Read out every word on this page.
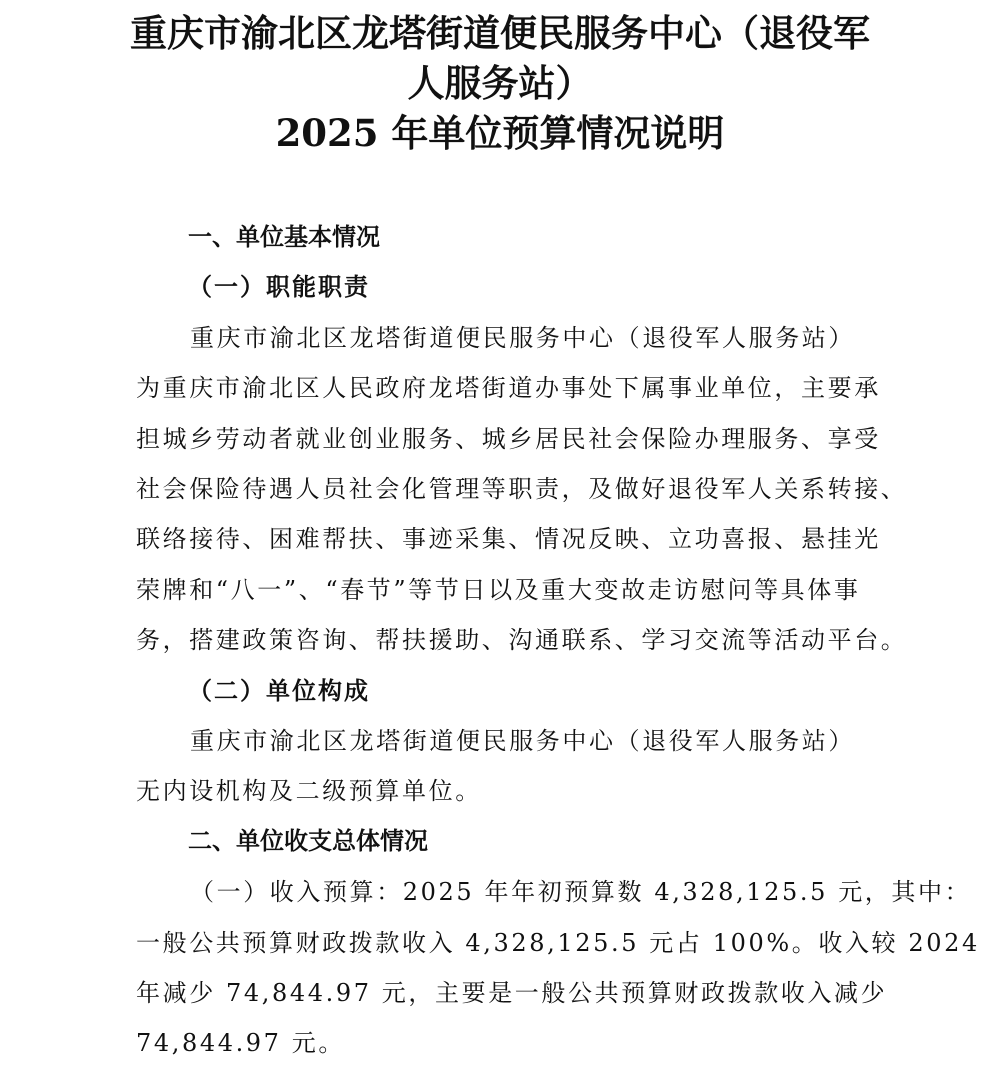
重庆市渝北区龙塔街道便民服务中心（退役军
人服务站）
2025 年单位预算情况说明
一、单位基本情况
（一）职能职责

重庆市渝北区龙塔街道便民服务中心（退役军人服务站）

为重庆市渝北区人民政府龙塔街道办事处下属事业单位，主要承

担城乡劳动者就业创业服务、城乡居民社会保险办理服务、享受

社会保险待遇人员社会化管理等职责，及做好退役军人关系转接、

联络接待、困难帮扶、事迹采集、情况反映、立功喜报、悬挂光

荣牌和“八一”、“春节”等节日以及重大变故走访慰问等具体事

务，搭建政策咨询、帮扶援助、沟通联系、学习交流等活动平台。

（二）单位构成

重庆市渝北区龙塔街道便民服务中心（退役军人服务站）

无内设机构及二级预算单位。

二、单位收支总体情况

（一）收入预算：2025 年年初预算数 4,328,125.5 元，其中：

一般公共预算财政拨款收入 4,328,125.5 元占 100%。收入较 2024

年减少 74,844.97 元，主要是一般公共预算财政拨款收入减少

74,844.97 元。
